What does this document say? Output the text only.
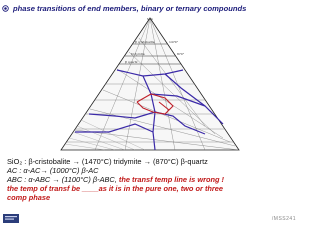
phase transitions of end members, binary or ternary compounds
SiO₂
β cristobalite
tridymite
β quartz
1470°
870°
SiO₂ : β-cristobalite → (1470°C) tridymite → (870°C) β-quartz
AC : α-AC→ (1000°C) β-AC
ABC : α-ABC → (1100°C) β-ABC, the transf temp line is wrong !
the temp of transf be ____as it is in the pure one, two or three
comp phase
/MSS241
